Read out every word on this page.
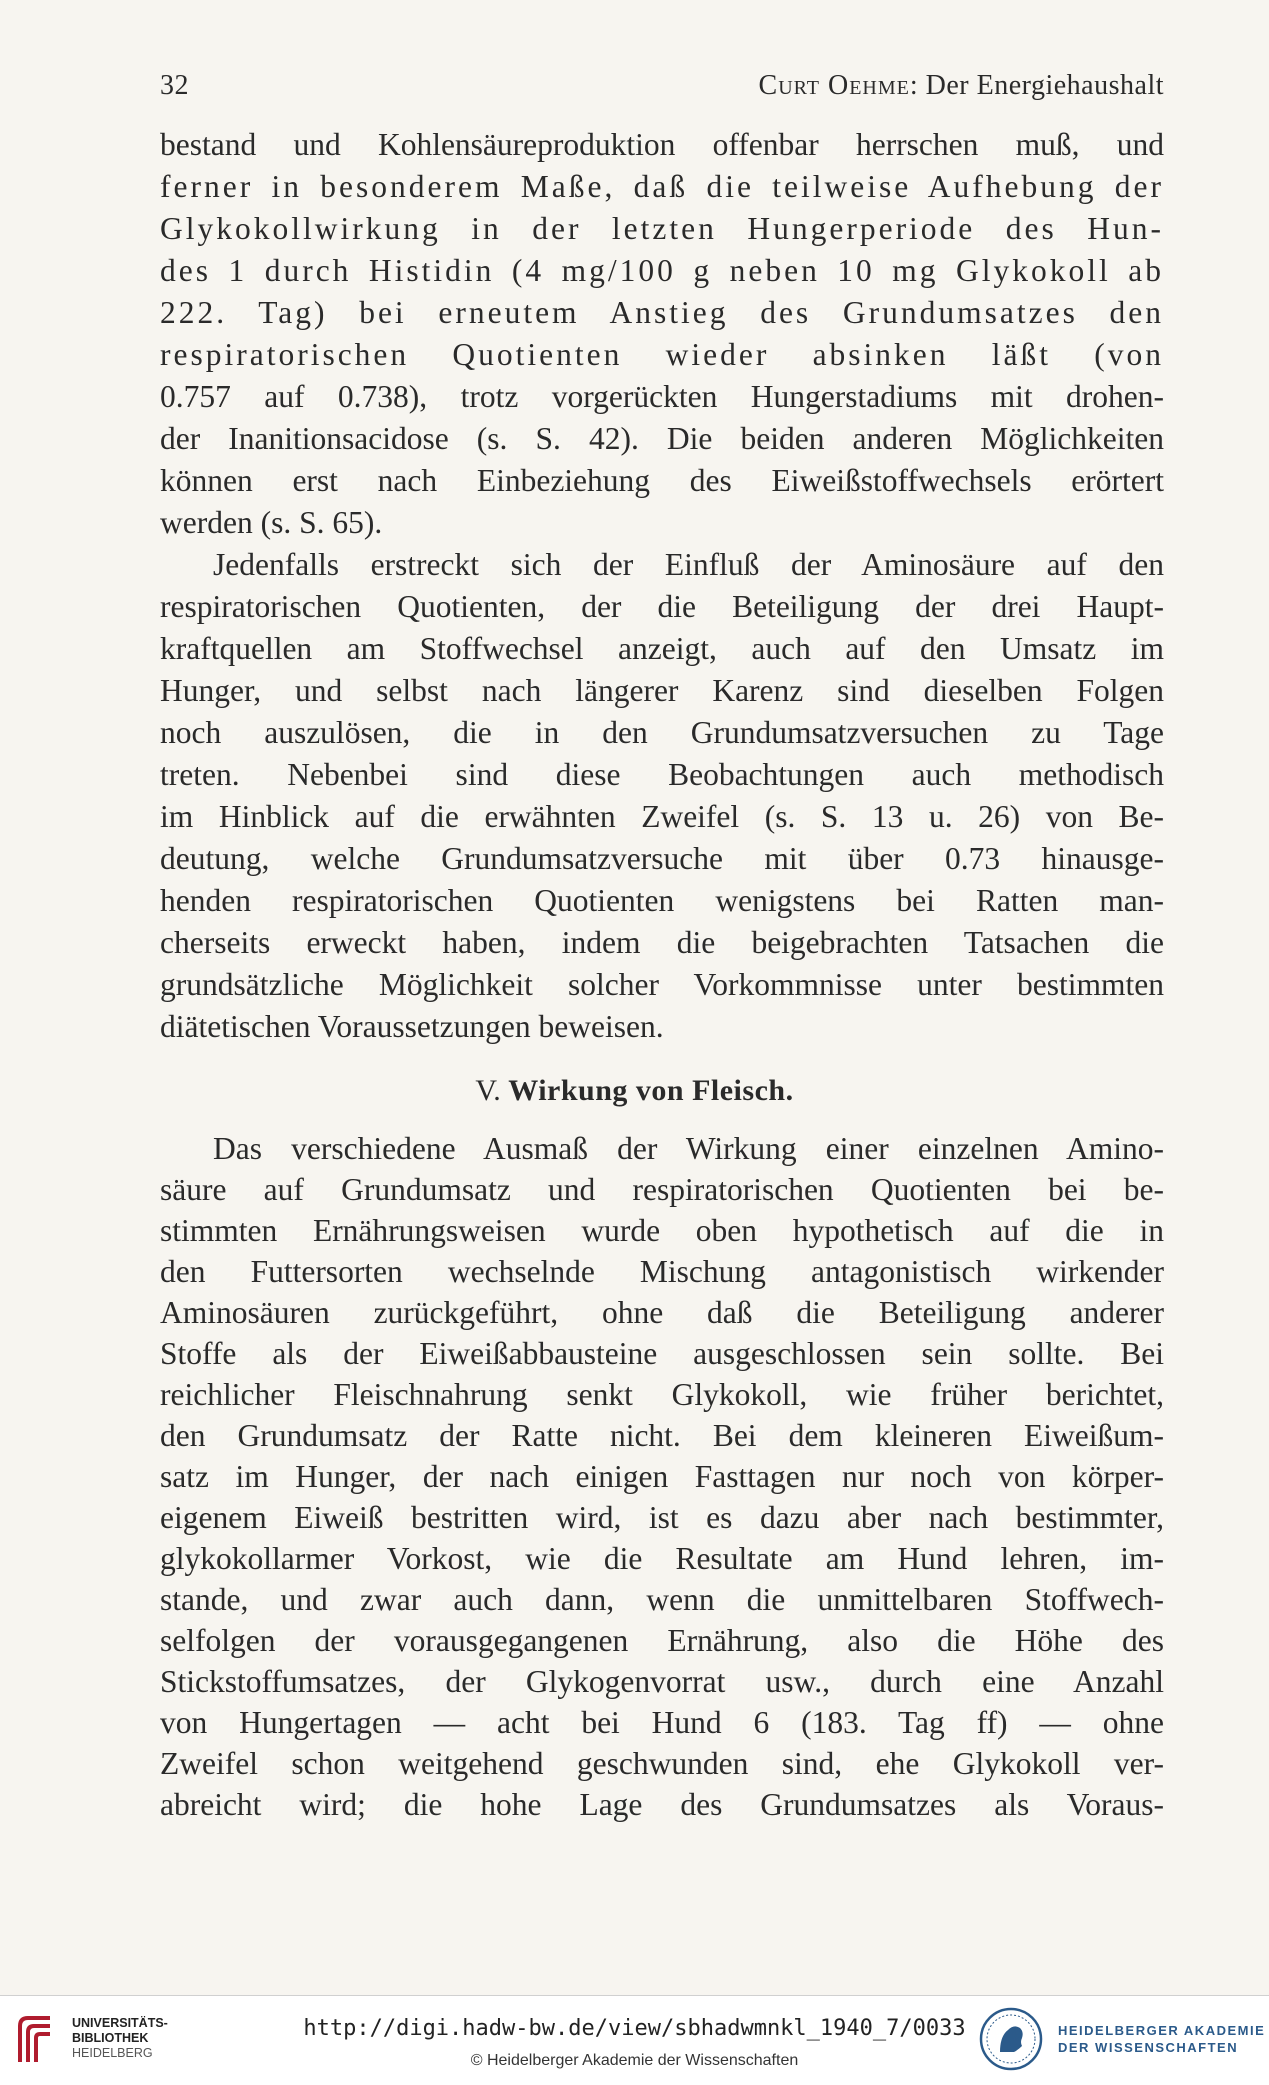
32	Curt Oehme: Der Energiehaushalt
bestand und Kohlensäureproduktion offenbar herrschen muß, und
ferner in besonderem Maße, daß die teilweise Aufhebung der
Glykokollwirkung in der letzten Hungerperiode des Hun-
des 1 durch Histidin (4 mg/100 g neben 10 mg Glykokoll ab
222. Tag) bei erneutem Anstieg des Grundumsatzes den
respiratorischen Quotienten wieder absinken läßt (von
0.757 auf 0.738), trotz vorgerückten Hungerstadiums mit drohen-
der Inanitionsacidose (s. S. 42). Die beiden anderen Möglichkeiten
können erst nach Einbeziehung des Eiweißstoffwechsels erörtert
werden (s. S. 65).
Jedenfalls erstreckt sich der Einfluß der Aminosäure auf den
respiratorischen Quotienten, der die Beteiligung der drei Haupt-
kraftquellen am Stoffwechsel anzeigt, auch auf den Umsatz im
Hunger, und selbst nach längerer Karenz sind dieselben Folgen
noch auszulösen, die in den Grundumsatzversuchen zu Tage
treten. Nebenbei sind diese Beobachtungen auch methodisch
im Hinblick auf die erwähnten Zweifel (s. S. 13 u. 26) von Be-
deutung, welche Grundumsatzversuche mit über 0.73 hinausge-
henden respiratorischen Quotienten wenigstens bei Ratten man-
cherseits erweckt haben, indem die beigebrachten Tatsachen die
grundsätzliche Möglichkeit solcher Vorkommnisse unter bestimmten
diätetischen Voraussetzungen beweisen.
V. Wirkung von Fleisch.
Das verschiedene Ausmaß der Wirkung einer einzelnen Amino-
säure auf Grundumsatz und respiratorischen Quotienten bei be-
stimmten Ernährungsweisen wurde oben hypothetisch auf die in
den Futtersorten wechselnde Mischung antagonistisch wirkender
Aminosäuren zurückgeführt, ohne daß die Beteiligung anderer
Stoffe als der Eiweißabbausteine ausgeschlossen sein sollte. Bei
reichlicher Fleischnahrung senkt Glykokoll, wie früher berichtet,
den Grundumsatz der Ratte nicht. Bei dem kleineren Eiweißum-
satz im Hunger, der nach einigen Fasttagen nur noch von körper-
eigenem Eiweiß bestritten wird, ist es dazu aber nach bestimmter,
glykokollarmer Vorkost, wie die Resultate am Hund lehren, im-
stande, und zwar auch dann, wenn die unmittelbaren Stoffwech-
selfolgen der vorausgegangenen Ernährung, also die Höhe des
Stickstoffumsatzes, der Glykogenvorrat usw., durch eine Anzahl
von Hungertagen — acht bei Hund 6 (183. Tag ff) — ohne
Zweifel schon weitgehend geschwunden sind, ehe Glykokoll ver-
abreicht wird; die hohe Lage des Grundumsatzes als Voraus-
UNIVERSITÄTS-
BIBLIOTHEK
HEIDELBERG
http://digi.hadw-bw.de/view/sbhadwmnkl_1940_7/0033
© Heidelberger Akademie der Wissenschaften
HEIDELBERGER AKADEMIE
DER WISSENSCHAFTEN
